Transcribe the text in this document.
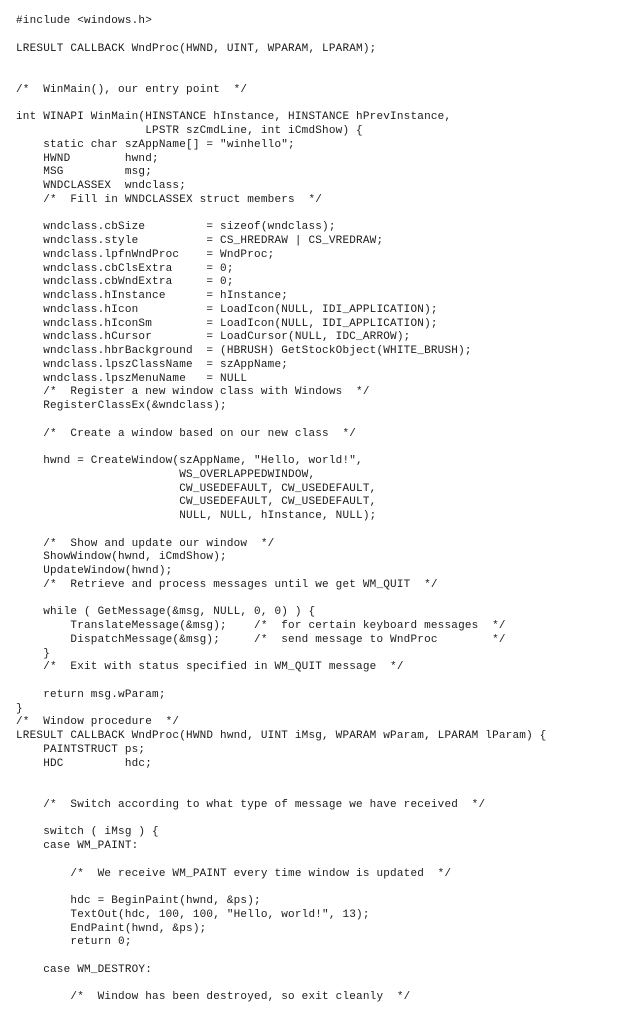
#include <windows.h>
LRESULT CALLBACK WndProc(HWND, UINT, WPARAM, LPARAM);
/*  WinMain(), our entry point  */
int WINAPI WinMain(HINSTANCE hInstance, HINSTANCE hPrevInstance,
LPSTR szCmdLine, int iCmdShow) {
static char szAppName[] = "winhello";
HWND        hwnd;
MSG         msg;
WNDCLASSEX  wndclass;
/*  Fill in WNDCLASSEX struct members  */
wndclass.cbSize         = sizeof(wndclass);
wndclass.style          = CS_HREDRAW | CS_VREDRAW;
wndclass.lpfnWndProc    = WndProc;
wndclass.cbClsExtra     = 0;
wndclass.cbWndExtra     = 0;
wndclass.hInstance      = hInstance;
wndclass.hIcon          = LoadIcon(NULL, IDI_APPLICATION);
wndclass.hIconSm        = LoadIcon(NULL, IDI_APPLICATION);
wndclass.hCursor        = LoadCursor(NULL, IDC_ARROW);
wndclass.hbrBackground  = (HBRUSH) GetStockObject(WHITE_BRUSH);
wndclass.lpszClassName  = szAppName;
wndclass.lpszMenuName   = NULL
/*  Register a new window class with Windows  */
RegisterClassEx(&wndclass);
/*  Create a window based on our new class  */
hwnd = CreateWindow(szAppName, "Hello, world!",
WS_OVERLAPPEDWINDOW,
CW_USEDEFAULT, CW_USEDEFAULT,
CW_USEDEFAULT, CW_USEDEFAULT,
NULL, NULL, hInstance, NULL);
/*  Show and update our window  */
ShowWindow(hwnd, iCmdShow);
UpdateWindow(hwnd);
/*  Retrieve and process messages until we get WM_QUIT  */
while ( GetMessage(&msg, NULL, 0, 0) ) {
TranslateMessage(&msg);    /*  for certain keyboard messages  */
DispatchMessage(&msg);     /*  send message to WndProc        */
}
/*  Exit with status specified in WM_QUIT message  */
return msg.wParam;
}
/*  Window procedure  */
LRESULT CALLBACK WndProc(HWND hwnd, UINT iMsg, WPARAM wParam, LPARAM lParam) {
PAINTSTRUCT ps;
HDC         hdc;
/*  Switch according to what type of message we have received  */
switch ( iMsg ) {
case WM_PAINT:
/*  We receive WM_PAINT every time window is updated  */
hdc = BeginPaint(hwnd, &ps);
TextOut(hdc, 100, 100, "Hello, world!", 13);
EndPaint(hwnd, &ps);
return 0;
case WM_DESTROY:
/*  Window has been destroyed, so exit cleanly  */
